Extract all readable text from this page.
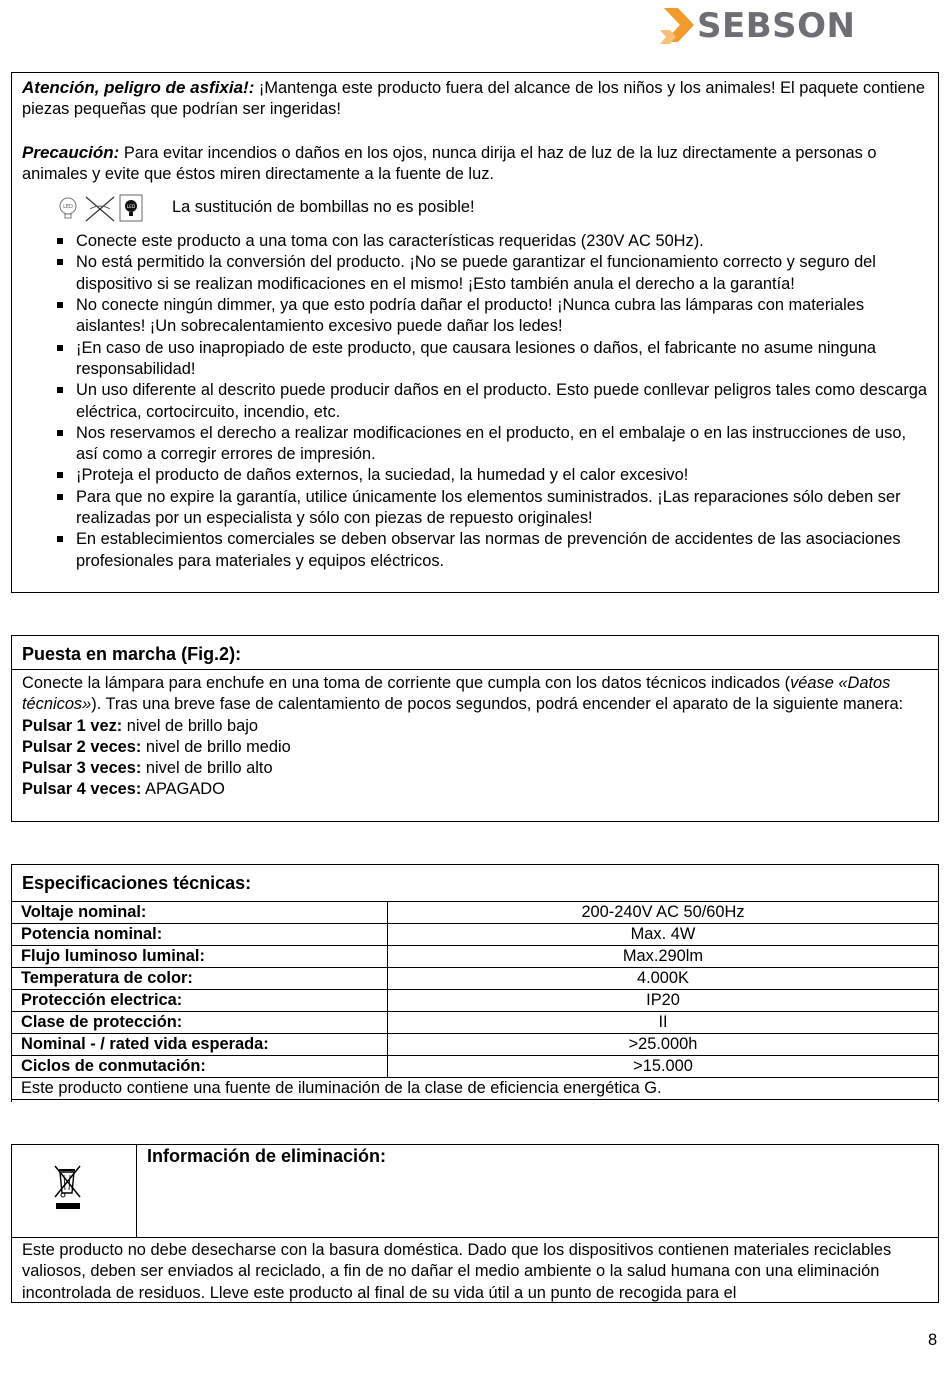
SEBSON

Atención, peligro de asfixia!: ¡Mantenga este producto fuera del alcance de los niños y los animales! El paquete contiene piezas pequeñas que podrían ser ingeridas!

Precaución: Para evitar incendios o daños en los ojos, nunca dirija el haz de luz de la luz directamente a personas o animales y evite que éstos miren directamente a la fuente de luz.

LED	LED La sustitución de bombillas no es posible!
Conecte este producto a una toma con las características requeridas (230V AC 50Hz).
No está permitido la conversión del producto. ¡No se puede garantizar el funcionamiento correcto y seguro del dispositivo si se realizan modificaciones en el mismo! ¡Esto también anula el derecho a la garantía!
No conecte ningún dimmer, ya que esto podría dañar el producto! ¡Nunca cubra las lámparas con materiales aislantes! ¡Un sobrecalentamiento excesivo puede dañar los ledes!
¡En caso de uso inapropiado de este producto, que causara lesiones o daños, el fabricante no asume ninguna responsabilidad!
Un uso diferente al descrito puede producir daños en el producto. Esto puede conllevar peligros tales como descarga eléctrica, cortocircuito, incendio, etc.
Nos reservamos el derecho a realizar modificaciones en el producto, en el embalaje o en las instrucciones de uso, así como a corregir errores de impresión.
¡Proteja el producto de daños externos, la suciedad, la humedad y el calor excesivo!
Para que no expire la garantía, utilice únicamente los elementos suministrados. ¡Las reparaciones sólo deben ser realizadas por un especialista y sólo con piezas de repuesto originales!
En establecimientos comerciales se deben observar las normas de prevención de accidentes de las asociaciones profesionales para materiales y equipos eléctricos.
Puesta en marcha (Fig.2):

Conecte la lámpara para enchufe en una toma de corriente que cumpla con los datos técnicos indicados (véase «Datos técnicos»). Tras una breve fase de calentamiento de pocos segundos, podrá encender el aparato de la siguiente manera:

Pulsar 1 vez: nivel de brillo bajo

Pulsar 2 veces: nivel de brillo medio

Pulsar 3 veces: nivel de brillo alto

Pulsar 4 veces: APAGADO

Especificaciones técnicas:
Voltaje nominal:	200-240V AC 50/60Hz
Potencia nominal:	Max. 4W
Flujo luminoso luminal:	Max.290lm
Temperatura de color:	4.000K
Protección electrica:	IP20
Clase de protección:	II
Nominal - / rated vida esperada:	>25.000h
Ciclos de conmutación:	>15.000
Este producto contiene una fuente de iluminación de la clase de eficiencia energética G.	
Información de eliminación:

Este producto no debe desecharse con la basura doméstica. Dado que los dispositivos contienen materiales reciclables valiosos, deben ser enviados al reciclado, a fin de no dañar el medio ambiente o la salud humana con una eliminación incontrolada de residuos. Lleve este producto al final de su vida útil a un punto de recogida para el

8
